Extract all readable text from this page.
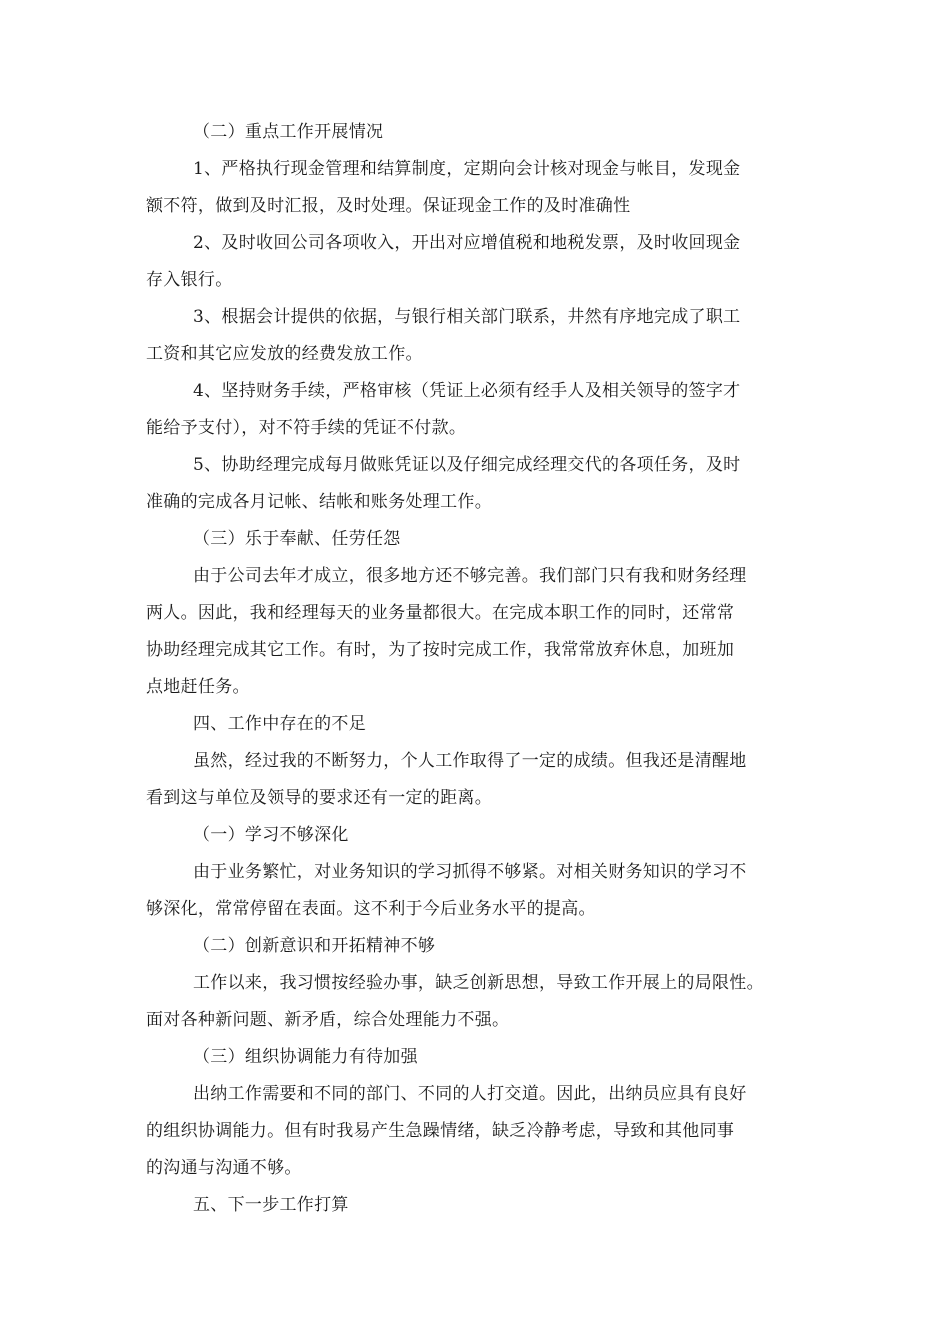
（二）重点工作开展情况
1、严格执行现金管理和结算制度，定期向会计核对现金与帐目，发现金
额不符，做到及时汇报，及时处理。保证现金工作的及时准确性
2、及时收回公司各项收入，开出对应增值税和地税发票，及时收回现金
存入银行。
3、根据会计提供的依据，与银行相关部门联系，井然有序地完成了职工
工资和其它应发放的经费发放工作。
4、坚持财务手续，严格审核（凭证上必须有经手人及相关领导的签字才
能给予支付），对不符手续的凭证不付款。
5、协助经理完成每月做账凭证以及仔细完成经理交代的各项任务，及时
准确的完成各月记帐、结帐和账务处理工作。
（三）乐于奉献、任劳任怨
由于公司去年才成立，很多地方还不够完善。我们部门只有我和财务经理
两人。因此，我和经理每天的业务量都很大。在完成本职工作的同时，还常常
协助经理完成其它工作。有时，为了按时完成工作，我常常放弃休息，加班加
点地赶任务。
四、工作中存在的不足
虽然，经过我的不断努力，个人工作取得了一定的成绩。但我还是清醒地
看到这与单位及领导的要求还有一定的距离。
（一）学习不够深化
由于业务繁忙，对业务知识的学习抓得不够紧。对相关财务知识的学习不
够深化，常常停留在表面。这不利于今后业务水平的提高。
（二）创新意识和开拓精神不够
工作以来，我习惯按经验办事，缺乏创新思想，导致工作开展上的局限性。
面对各种新问题、新矛盾，综合处理能力不强。
（三）组织协调能力有待加强
出纳工作需要和不同的部门、不同的人打交道。因此，出纳员应具有良好
的组织协调能力。但有时我易产生急躁情绪，缺乏冷静考虑，导致和其他同事
的沟通与沟通不够。
五、下一步工作打算
